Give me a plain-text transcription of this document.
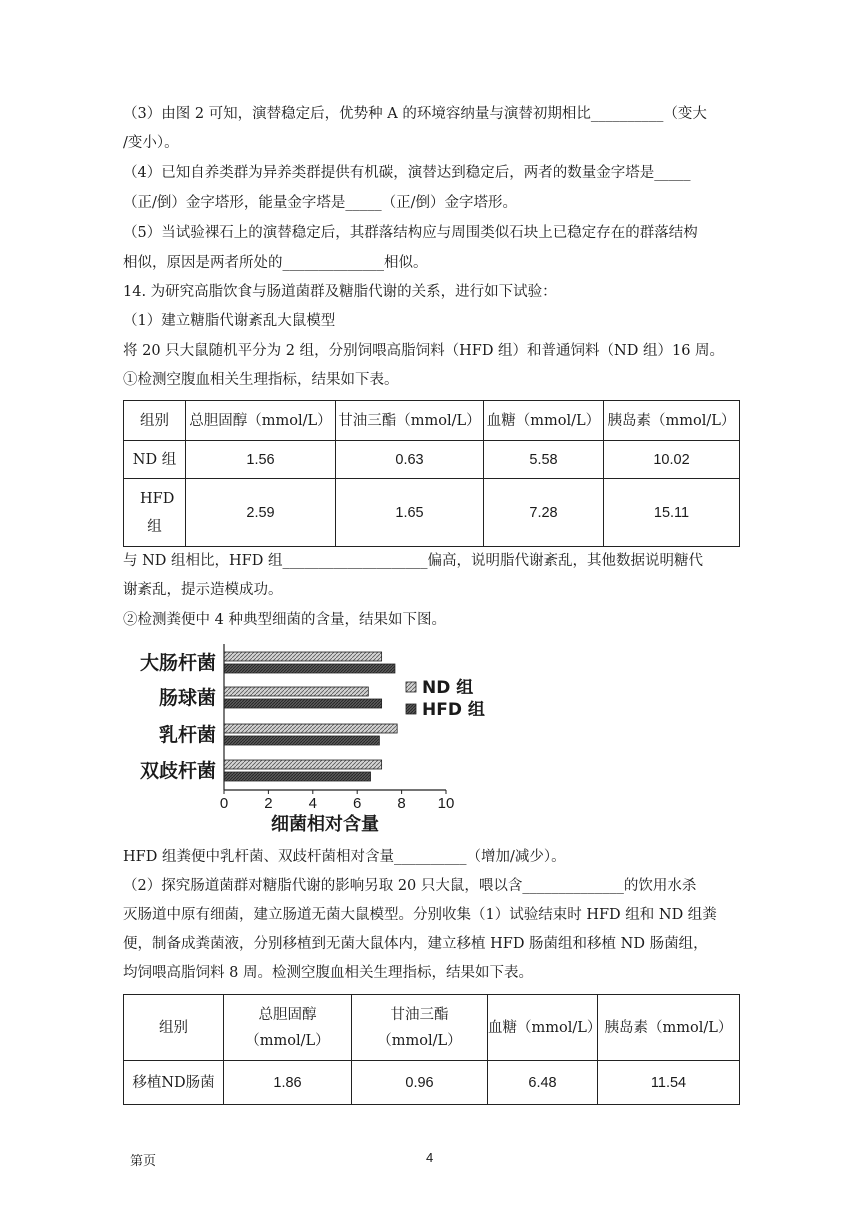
（3）由图 2 可知，演替稳定后，优势种 A 的环境容纳量与演替初期相比__________（变大
/变小）。
（4）已知自养类群为异养类群提供有机碳，演替达到稳定后，两者的数量金字塔是_____
（正/倒）金字塔形，能量金字塔是_____（正/倒）金字塔形。
（5）当试验裸石上的演替稳定后，其群落结构应与周围类似石块上已稳定存在的群落结构
相似，原因是两者所处的______________相似。
14. 为研究高脂饮食与肠道菌群及糖脂代谢的关系，进行如下试验：
（1）建立糖脂代谢紊乱大鼠模型
将 20 只大鼠随机平分为 2 组，分别饲喂高脂饲料（HFD 组）和普通饲料（ND 组）16 周。
①检测空腹血相关生理指标，结果如下表。
组别	总胆固醇（mmol/L）	甘油三酯（mmol/L）	血糖（mmol/L）	胰岛素（mmol/L）
ND 组	1.56	0.63	5.58	10.02
HFD 组	2.59	1.65	7.28	15.11
与 ND 组相比，HFD 组____________________偏高，说明脂代谢紊乱，其他数据说明糖代
谢紊乱，提示造模成功。
②检测粪便中 4 种典型细菌的含量，结果如下图。
大肠杆菌
肠球菌
乳杆菌
双歧杆菌
0 2 4 6 8 10
细菌相对含量
ND 组
HFD 组
HFD 组粪便中乳杆菌、双歧杆菌相对含量__________（增加/减少）。
（2）探究肠道菌群对糖脂代谢的影响另取 20 只大鼠，喂以含______________的饮用水杀
灭肠道中原有细菌，建立肠道无菌大鼠模型。分别收集（1）试验结束时 HFD 组和 ND 组粪
便，制备成粪菌液，分别移植到无菌大鼠体内，建立移植 HFD 肠菌组和移植 ND 肠菌组，
均饲喂高脂饲料 8 周。检测空腹血相关生理指标，结果如下表。
组别	总胆固醇（mmol/L）	甘油三酯（mmol/L）	血糖（mmol/L）	胰岛素（mmol/L）
移植ND肠菌	1.86	0.96	6.48	11.54
第页	4
